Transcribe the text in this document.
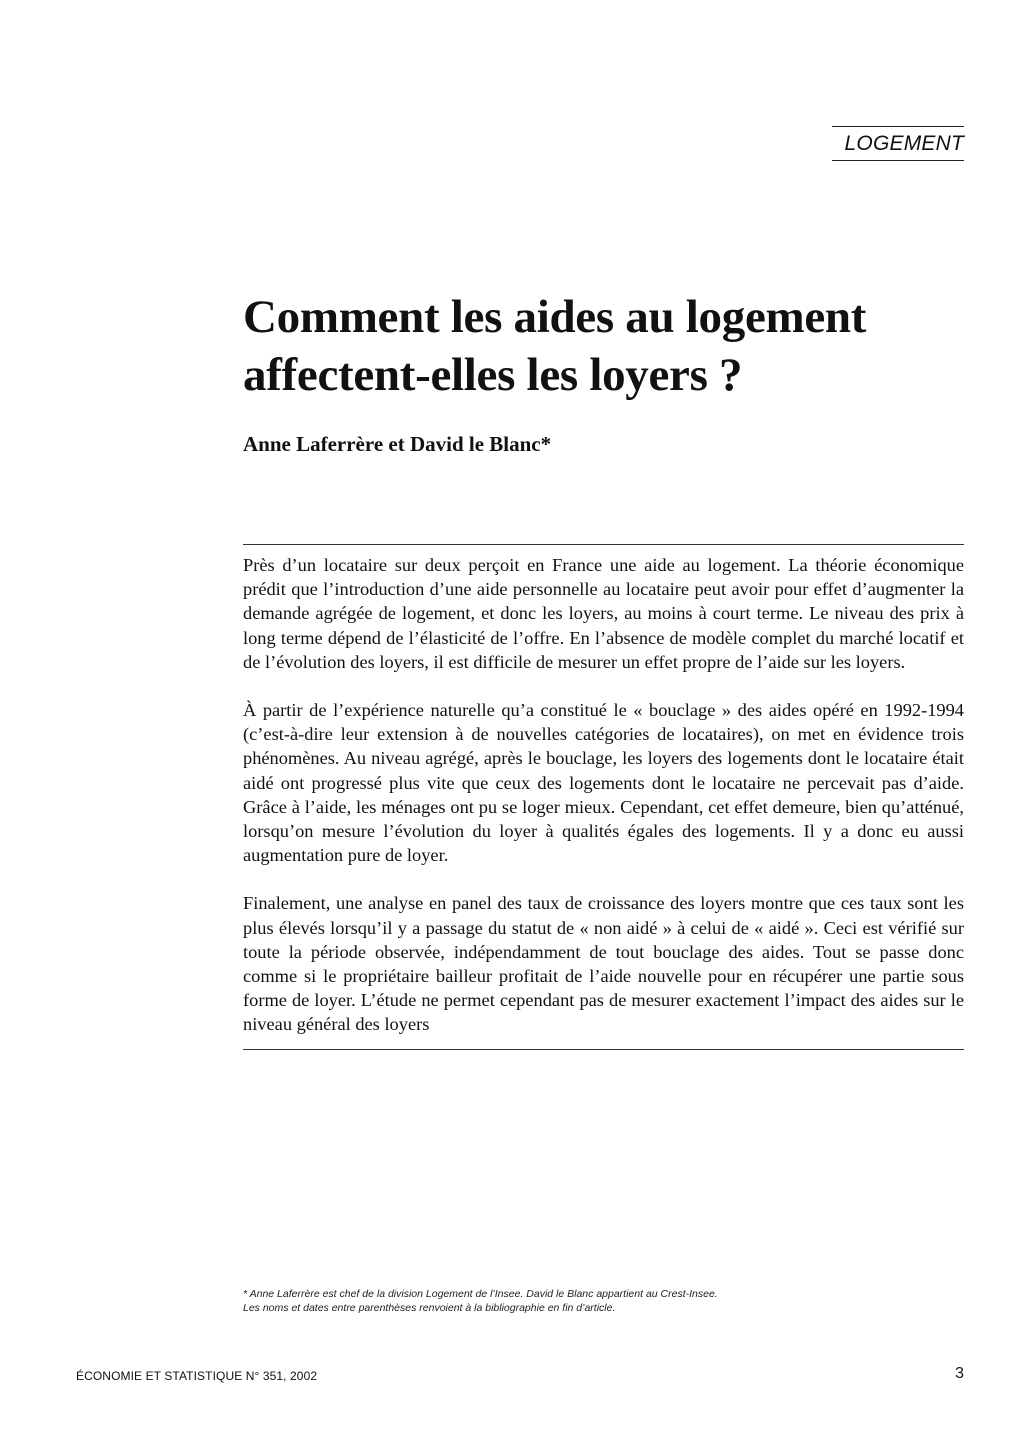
LOGEMENT
Comment les aides au logement
affectent-elles les loyers ?
Anne Laferrère et David le Blanc*

Près d’un locataire sur deux perçoit en France une aide au logement. La théorie économique prédit que l’introduction d’une aide personnelle au locataire peut avoir pour effet d’augmenter la demande agrégée de logement, et donc les loyers, au moins à court terme. Le niveau des prix à long terme dépend de l’élasticité de l’offre. En l’absence de modèle complet du marché locatif et de l’évolution des loyers, il est difficile de mesurer un effet propre de l’aide sur les loyers.

À partir de l’expérience naturelle qu’a constitué le « bouclage » des aides opéré en 1992-1994 (c’est-à-dire leur extension à de nouvelles catégories de locataires), on met en évidence trois phénomènes. Au niveau agrégé, après le bouclage, les loyers des logements dont le locataire était aidé ont progressé plus vite que ceux des logements dont le locataire ne percevait pas d’aide. Grâce à l’aide, les ménages ont pu se loger mieux. Cependant, cet effet demeure, bien qu’atténué, lorsqu’on mesure l’évolution du loyer à qualités égales des logements. Il y a donc eu aussi augmentation pure de loyer.

Finalement, une analyse en panel des taux de croissance des loyers montre que ces taux sont les plus élevés lorsqu’il y a passage du statut de « non aidé » à celui de « aidé ». Ceci est vérifié sur toute la période observée, indépendamment de tout bouclage des aides. Tout se passe donc comme si le propriétaire bailleur profitait de l’aide nouvelle pour en récupérer une partie sous forme de loyer. L’étude ne permet cependant pas de mesurer exactement l’impact des aides sur le niveau général des loyers

* Anne Laferrère est chef de la division Logement de l’Insee. David le Blanc appartient au Crest-Insee.
Les noms et dates entre parenthèses renvoient à la bibliographie en fin d’article.
ÉCONOMIE ET STATISTIQUE N° 351, 2002	3
